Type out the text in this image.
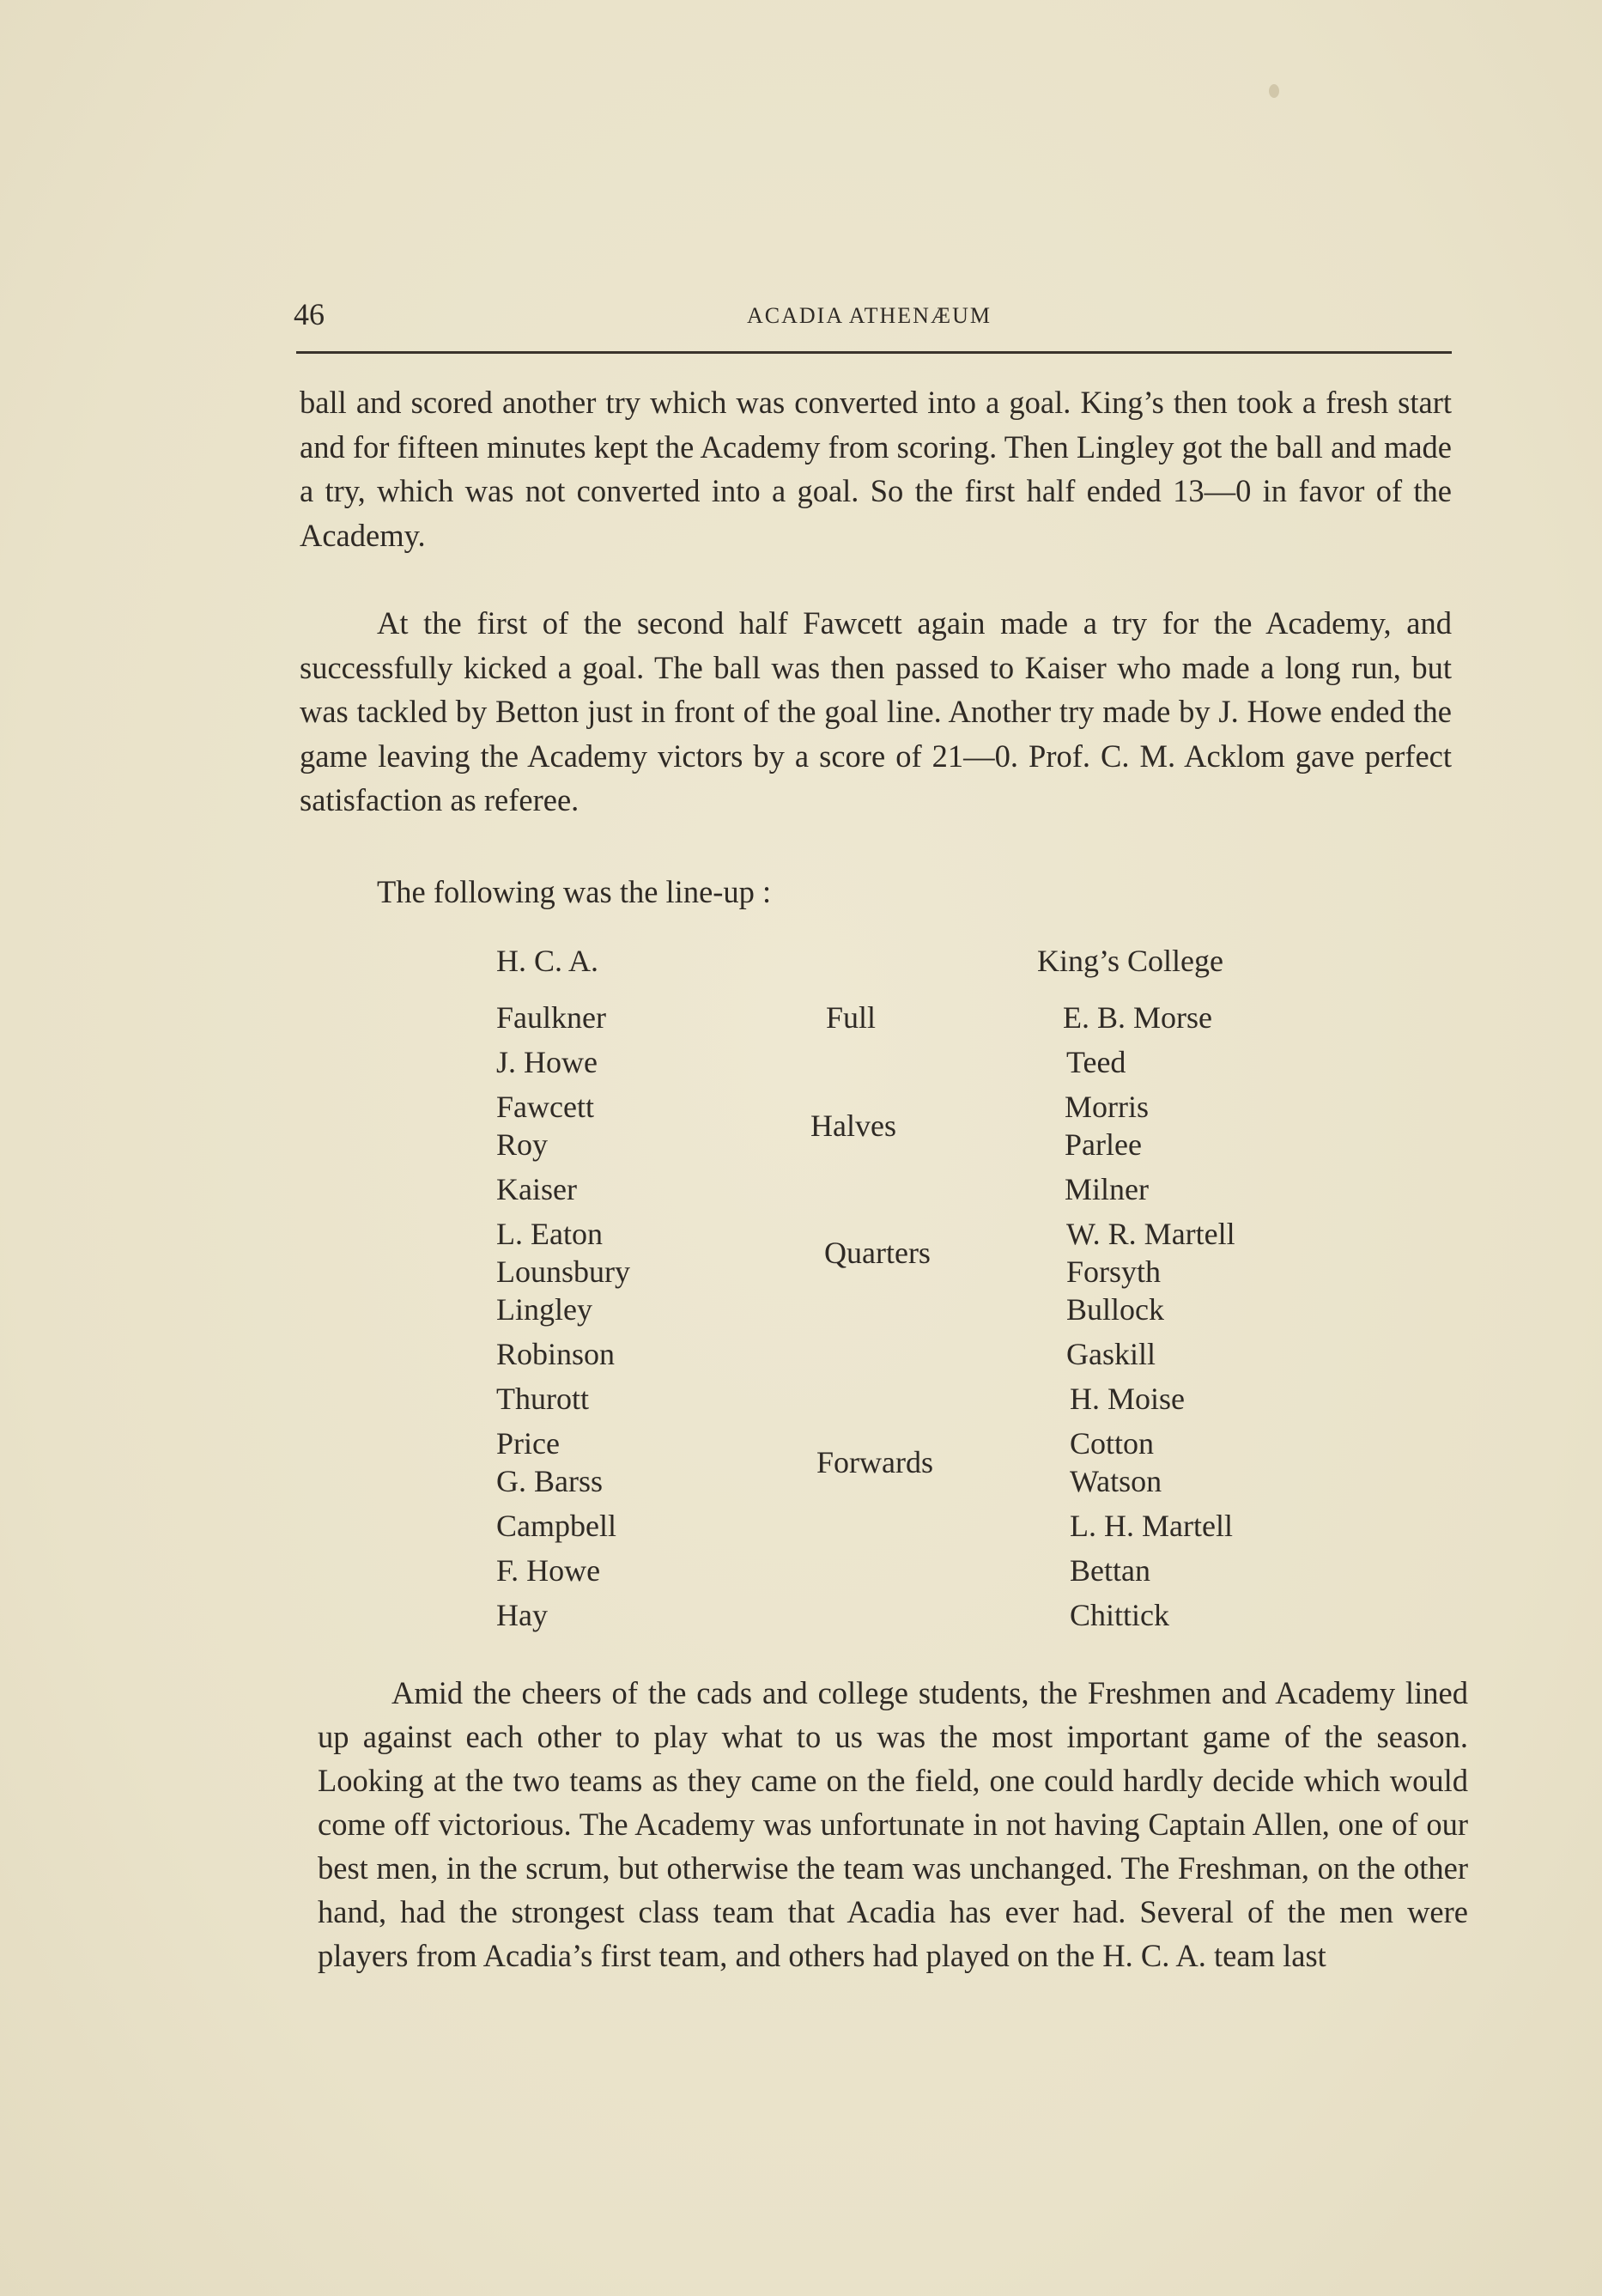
46	ACADIA ATHENÆUM

ball and scored another try which was converted into a goal. King’s then took a fresh start and for fifteen minutes kept the Academy from scoring. Then Lingley got the ball and made a try, which was not converted into a goal. So the first half ended 13—0 in favor of the Academy.

At the first of the second half Fawcett again made a try for the Academy, and successfully kicked a goal. The ball was then passed to Kaiser who made a long run, but was tackled by Betton just in front of the goal line. Another try made by J. Howe ended the game leaving the Academy victors by a score of 21—0. Prof. C. M. Acklom gave perfect satisfaction as referee.

The following was the line-up :

H. C. A.	King’s College
Faulkner
J. Howe
Fawcett
Roy
Kaiser
L. Eaton
Lounsbury
Lingley
Robinson
Thurott
Price
G. Barss
Campbell
F. Howe
Hay
Full
Halves
Quarters
Forwards
E. B. Morse
Teed
Morris
Parlee
Milner
W. R. Martell
Forsyth
Bullock
Gaskill
H. Moise
Cotton
Watson
L. H. Martell
Bettan
Chittick

Amid the cheers of the cads and college students, the Freshmen and Academy lined up against each other to play what to us was the most important game of the season. Looking at the two teams as they came on the field, one could hardly decide which would come off victorious. The Academy was unfortunate in not having Captain Allen, one of our best men, in the scrum, but otherwise the team was unchanged. The Freshman, on the other hand, had the strongest class team that Acadia has ever had. Several of the men were players from Acadia’s first team, and others had played on the H. C. A. team last
